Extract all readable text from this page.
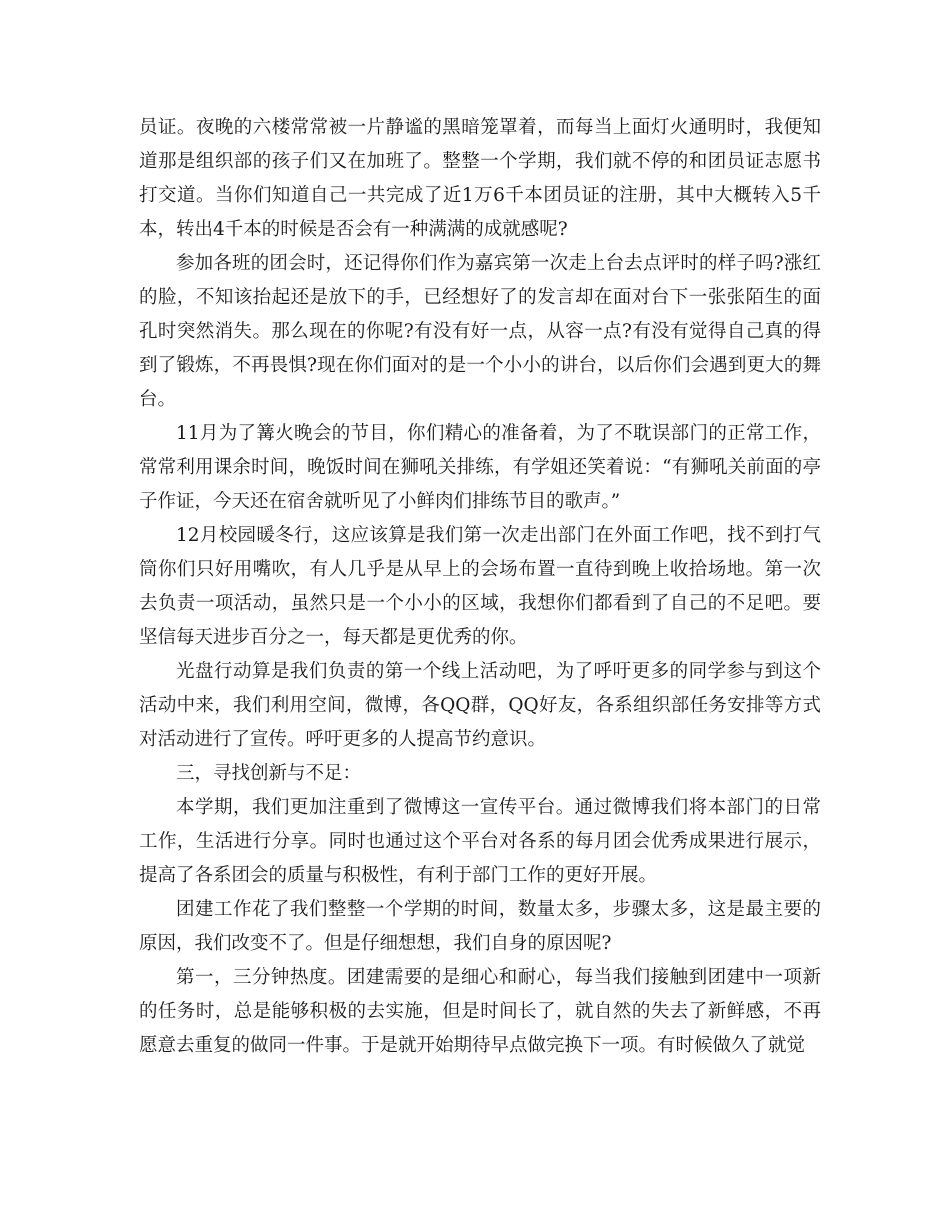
员证。夜晚的六楼常常被一片静谧的黑暗笼罩着，而每当上面灯火通明时，我便知道那是组织部的孩子们又在加班了。整整一个学期，我们就不停的和团员证志愿书打交道。当你们知道自己一共完成了近1万6千本团员证的注册，其中大概转入5千本，转出4千本的时候是否会有一种满满的成就感呢?

参加各班的团会时，还记得你们作为嘉宾第一次走上台去点评时的样子吗?涨红的脸，不知该抬起还是放下的手，已经想好了的发言却在面对台下一张张陌生的面孔时突然消失。那么现在的你呢?有没有好一点，从容一点?有没有觉得自己真的得到了锻炼，不再畏惧?现在你们面对的是一个小小的讲台，以后你们会遇到更大的舞台。

11月为了篝火晚会的节目，你们精心的准备着，为了不耽误部门的正常工作，常常利用课余时间，晚饭时间在狮吼关排练，有学姐还笑着说：“有狮吼关前面的亭子作证，今天还在宿舍就听见了小鲜肉们排练节目的歌声。”

12月校园暖冬行，这应该算是我们第一次走出部门在外面工作吧，找不到打气筒你们只好用嘴吹，有人几乎是从早上的会场布置一直待到晚上收拾场地。第一次去负责一项活动，虽然只是一个小小的区域，我想你们都看到了自己的不足吧。要坚信每天进步百分之一，每天都是更优秀的你。

光盘行动算是我们负责的第一个线上活动吧，为了呼吁更多的同学参与到这个活动中来，我们利用空间，微博，各QQ群，QQ好友，各系组织部任务安排等方式对活动进行了宣传。呼吁更多的人提高节约意识。

三，寻找创新与不足：

本学期，我们更加注重到了微博这一宣传平台。通过微博我们将本部门的日常工作，生活进行分享。同时也通过这个平台对各系的每月团会优秀成果进行展示，提高了各系团会的质量与积极性，有利于部门工作的更好开展。

团建工作花了我们整整一个学期的时间，数量太多，步骤太多，这是最主要的原因，我们改变不了。但是仔细想想，我们自身的原因呢?

第一，三分钟热度。团建需要的是细心和耐心，每当我们接触到团建中一项新的任务时，总是能够积极的去实施，但是时间长了，就自然的失去了新鲜感，不再愿意去重复的做同一件事。于是就开始期待早点做完换下一项。有时候做久了就觉
